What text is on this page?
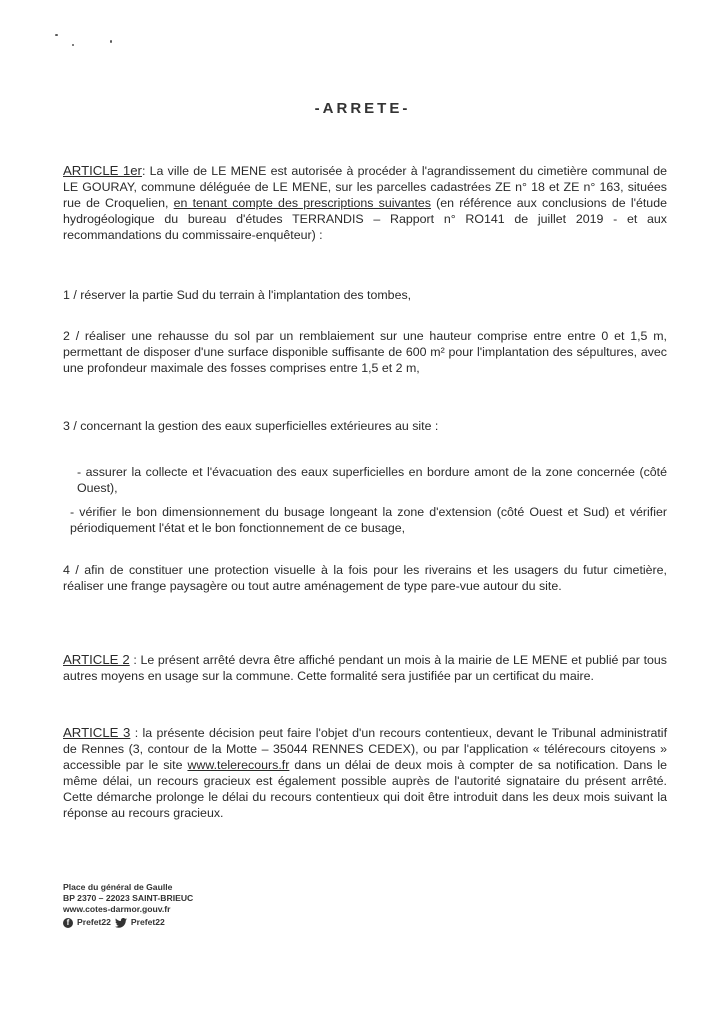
-ARRETE-

ARTICLE 1er: La ville de LE MENE est autorisée à procéder à l'agrandissement du cimetière communal de LE GOURAY, commune déléguée de LE MENE, sur les parcelles cadastrées ZE n° 18 et ZE n° 163, situées rue de Croquelien, en tenant compte des prescriptions suivantes (en référence aux conclusions de l'étude hydrogéologique du bureau d'études TERRANDIS – Rapport n° RO141 de juillet 2019 - et aux recommandations du commissaire-enquêteur) :

1 / réserver la partie Sud du terrain à l'implantation des tombes,

2 / réaliser une rehausse du sol par un remblaiement sur une hauteur comprise entre entre 0 et 1,5 m, permettant de disposer d'une surface disponible suffisante de 600 m² pour l'implantation des sépultures, avec une profondeur maximale des fosses comprises entre 1,5 et 2 m,

3 / concernant la gestion des eaux superficielles extérieures au site :

- assurer la collecte et l'évacuation des eaux superficielles en bordure amont de la zone concernée (côté Ouest),

- vérifier le bon dimensionnement du busage longeant la zone d'extension (côté Ouest et Sud) et vérifier périodiquement l'état et le bon fonctionnement de ce busage,

4 / afin de constituer une protection visuelle à la fois pour les riverains et les usagers du futur cimetière, réaliser une frange paysagère ou tout autre aménagement de type pare-vue autour du site.

ARTICLE 2 : Le présent arrêté devra être affiché pendant un mois à la mairie de LE MENE et publié par tous autres moyens en usage sur la commune. Cette formalité sera justifiée par un certificat du maire.

ARTICLE 3 : la présente décision peut faire l'objet d'un recours contentieux, devant le Tribunal administratif de Rennes (3, contour de la Motte – 35044 RENNES CEDEX), ou par l'application « télérecours citoyens » accessible par le site www.telerecours.fr dans un délai de deux mois à compter de sa notification. Dans le même délai, un recours gracieux est également possible auprès de l'autorité signataire du présent arrêté. Cette démarche prolonge le délai du recours contentieux qui doit être introduit dans les deux mois suivant la réponse au recours gracieux.

Place du général de Gaulle
BP 2370 – 22023 SAINT-BRIEUC
www.cotes-darmor.gouv.fr
f Prefet22 Prefet22
